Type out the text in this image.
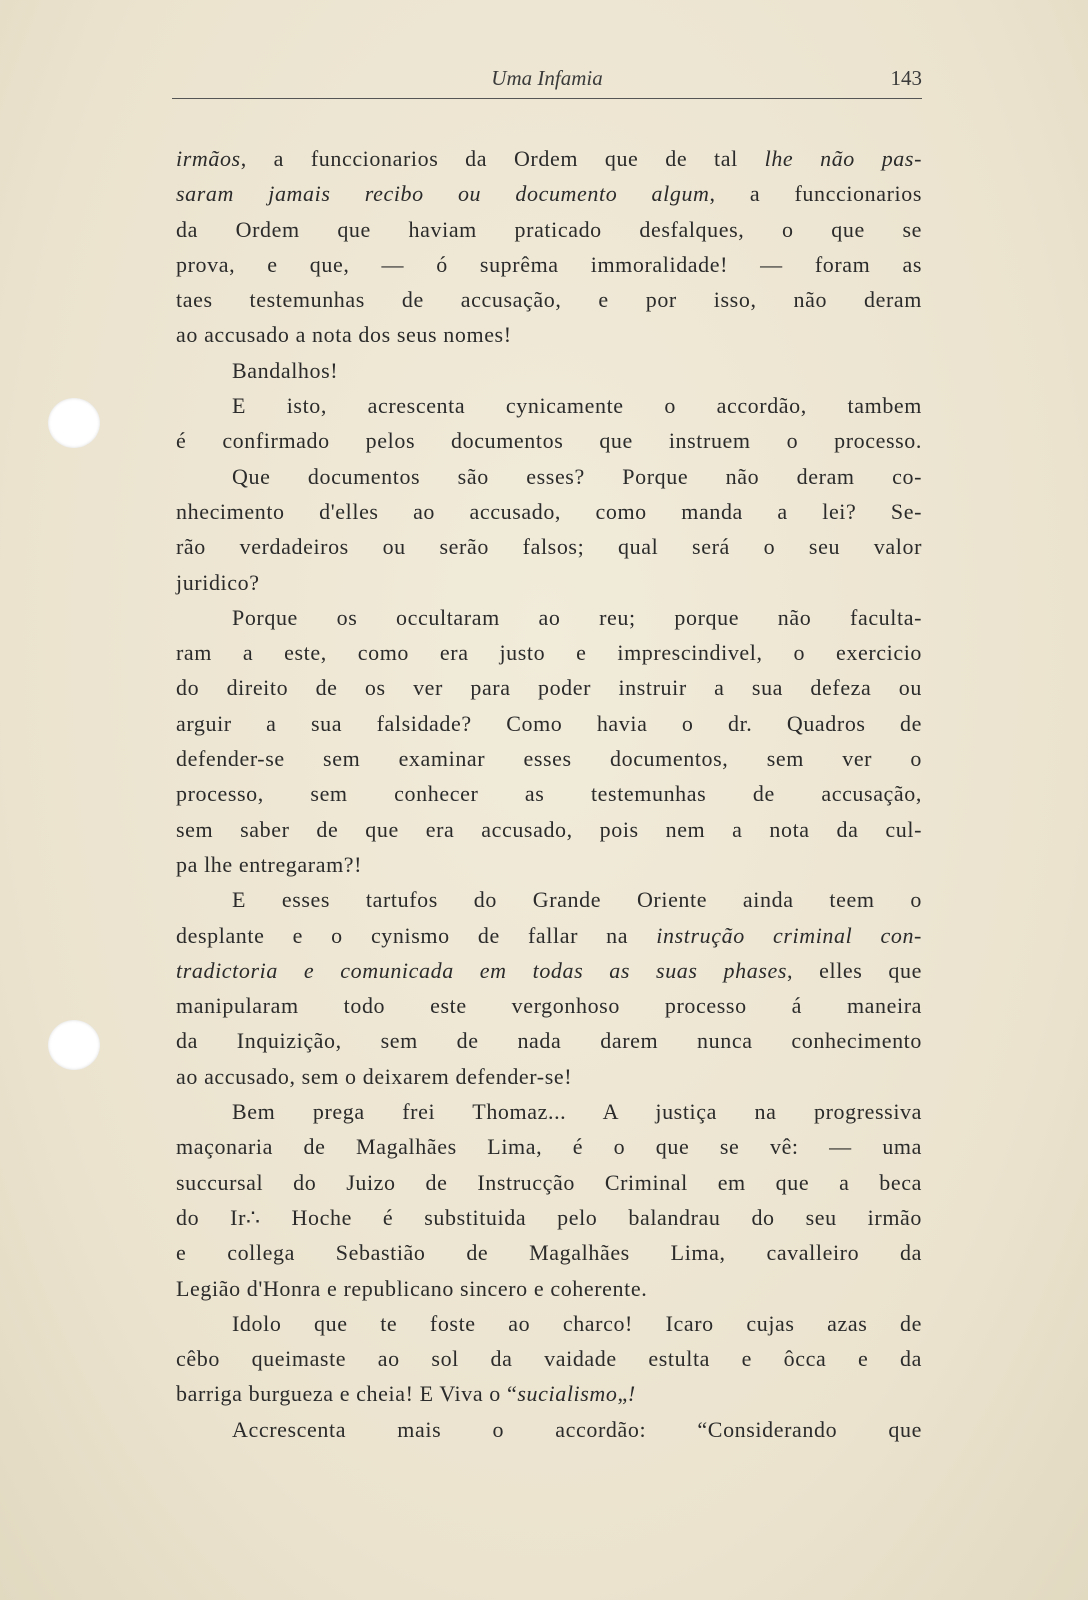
Uma Infamia	143
irmãos, a funccionarios da Ordem que de tal lhe não pas-
saram jamais recibo ou documento algum, a funccionarios
da Ordem que haviam praticado desfalques, o que se
prova, e que, — ó suprêma immoralidade! — foram as
taes testemunhas de accusação, e por isso, não deram
ao accusado a nota dos seus nomes!
Bandalhos!
E isto, acrescenta cynicamente o accordão, tambem
é confirmado pelos documentos que instruem o processo.
Que documentos são esses? Porque não deram co-
nhecimento d'elles ao accusado, como manda a lei? Se-
rão verdadeiros ou serão falsos; qual será o seu valor
juridico?
Porque os occultaram ao reu; porque não faculta-
ram a este, como era justo e imprescindivel, o exercicio
do direito de os ver para poder instruir a sua defeza ou
arguir a sua falsidade? Como havia o dr. Quadros de
defender-se sem examinar esses documentos, sem ver o
processo, sem conhecer as testemunhas de accusação,
sem saber de que era accusado, pois nem a nota da cul-
pa lhe entregaram?!
E esses tartufos do Grande Oriente ainda teem o
desplante e o cynismo de fallar na instrução criminal con-
tradictoria e comunicada em todas as suas phases, elles que
manipularam todo este vergonhoso processo á maneira
da Inquizição, sem de nada darem nunca conhecimento
ao accusado, sem o deixarem defender-se!
Bem prega frei Thomaz... A justiça na progressiva
maçonaria de Magalhães Lima, é o que se vê: — uma
succursal do Juizo de Instrucção Criminal em que a beca
do Ir∴ Hoche é substituida pelo balandrau do seu irmão
e collega Sebastião de Magalhães Lima, cavalleiro da
Legião d'Honra e republicano sincero e coherente.
Idolo que te foste ao charco! Icaro cujas azas de
cêbo queimaste ao sol da vaidade estulta e ôcca e da
barriga burgueza e cheia! E Viva o “sucialismo„!
Accrescenta mais o accordão: “Considerando que
